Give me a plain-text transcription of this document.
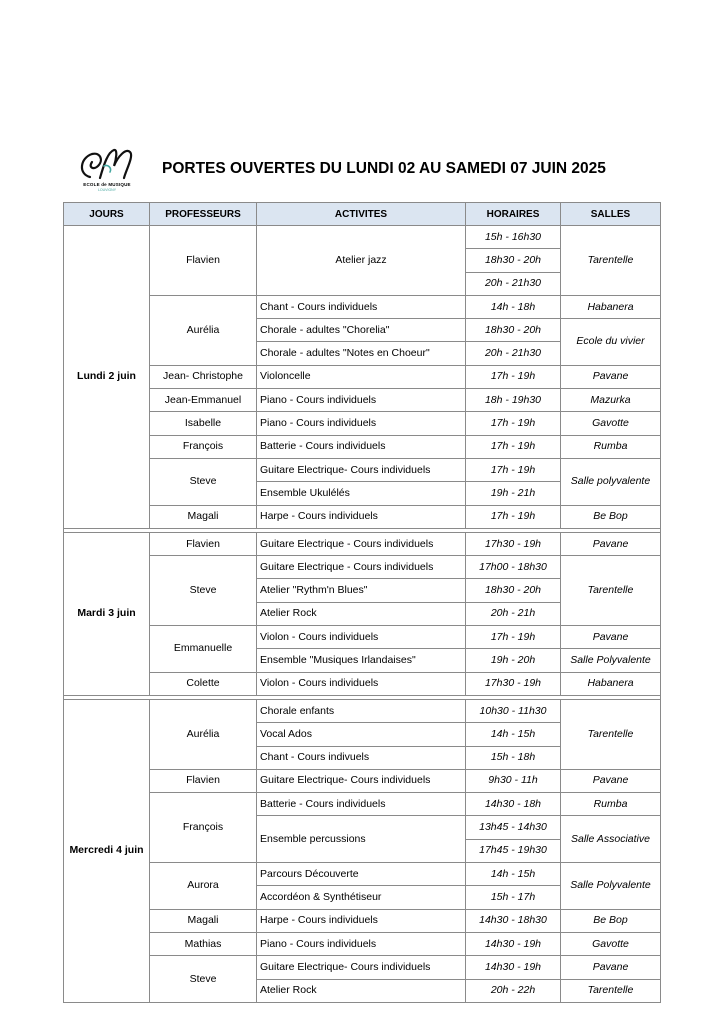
ECOLE de MUSIQUE
LOUVIGNY
PORTES OUVERTES DU LUNDI 02 AU SAMEDI 07 JUIN 2025
JOURS	PROFESSEURS	ACTIVITES	HORAIRES	SALLES
Lundi 2 juin	Flavien	Atelier jazz	15h - 16h30	Tarentelle
			18h30 - 20h	
			20h - 21h30	
	Aurélia	Chant - Cours individuels	14h - 18h	Habanera
		Chorale - adultes "Chorelia"	18h30 - 20h	Ecole du vivier
		Chorale - adultes "Notes en Choeur"	20h - 21h30	
	Jean- Christophe	Violoncelle	17h - 19h	Pavane
	Jean-Emmanuel	Piano - Cours individuels	18h - 19h30	Mazurka
	Isabelle	Piano - Cours individuels	17h - 19h	Gavotte
	François	Batterie - Cours individuels	17h - 19h	Rumba
	Steve	Guitare Electrique- Cours individuels	17h - 19h	Salle polyvalente
		Ensemble Ukulélés	19h - 21h	
	Magali	Harpe - Cours individuels	17h - 19h	Be Bop

Mardi 3 juin	Flavien	Guitare Electrique - Cours individuels	17h30 - 19h	Pavane
	Steve	Guitare Electrique - Cours individuels	17h00 - 18h30	Tarentelle
		Atelier "Rythm'n Blues"	18h30 - 20h	
		Atelier Rock	20h - 21h	
	Emmanuelle	Violon - Cours individuels	17h - 19h	Pavane
		Ensemble "Musiques Irlandaises"	19h - 20h	Salle Polyvalente
	Colette	Violon - Cours individuels	17h30 - 19h	Habanera

Mercredi 4 juin	Aurélia	Chorale enfants	10h30 - 11h30	Tarentelle
		Vocal Ados	14h - 15h	
		Chant - Cours indivuels	15h - 18h	
	Flavien	Guitare Electrique- Cours individuels	9h30 - 11h	Pavane
	François	Batterie - Cours individuels	14h30 - 18h	Rumba
		Ensemble percussions	13h45 - 14h30	Salle Associative
			17h45 - 19h30	
	Aurora	Parcours Découverte	14h - 15h	Salle Polyvalente
		Accordéon & Synthétiseur	15h - 17h	
	Magali	Harpe - Cours individuels	14h30 - 18h30	Be Bop
	Mathias	Piano - Cours individuels	14h30 - 19h	Gavotte
	Steve	Guitare Electrique- Cours individuels	14h30 - 19h	Pavane
		Atelier Rock	20h - 22h	Tarentelle
